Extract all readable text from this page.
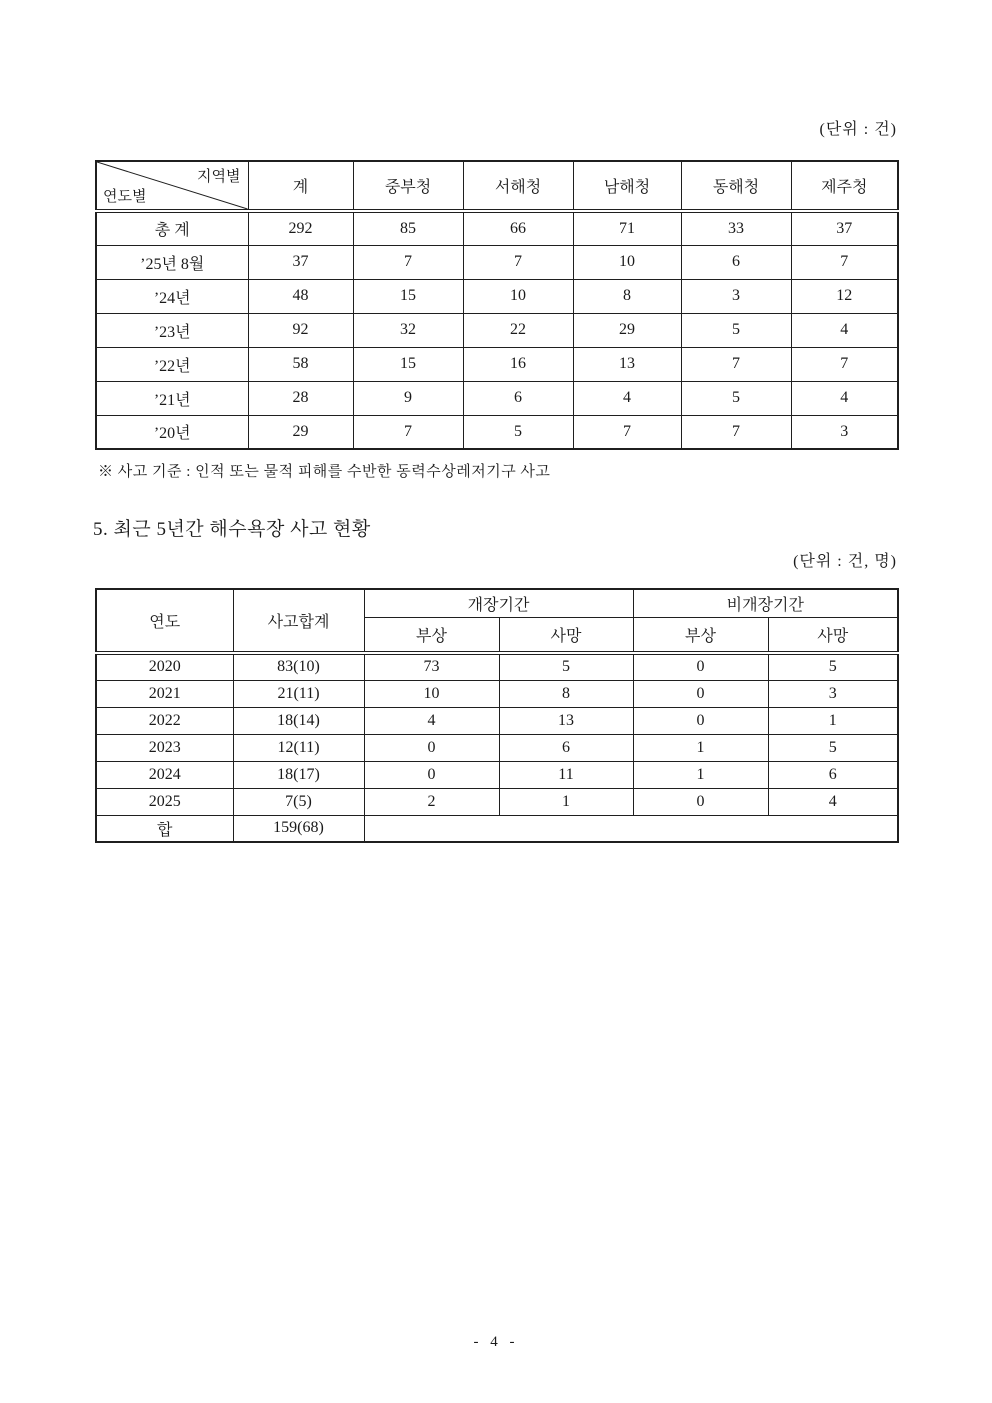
(단위 : 건)
지역별
연도별	계	중부청	서해청	남해청	동해청	제주청
총 계	292	85	66	71	33	37
’25년 8월	37	7	7	10	6	7
’24년	48	15	10	8	3	12
’23년	92	32	22	29	5	4
’22년	58	15	16	13	7	7
’21년	28	9	6	4	5	4
’20년	29	7	5	7	7	3
※ 사고 기준 : 인적 또는 물적 피해를 수반한 동력수상레저기구 사고
5. 최근 5년간 해수욕장 사고 현황
(단위 : 건, 명)
연도	사고합계	개장기간		비개장기간	
		부상	사망	부상	사망
2020	83(10)	73	5	0	5
2021	21(11)	10	8	0	3
2022	18(14)	4	13	0	1
2023	12(11)	0	6	1	5
2024	18(17)	0	11	1	6
2025	7(5)	2	1	0	4
합	159(68)				
- 4 -
